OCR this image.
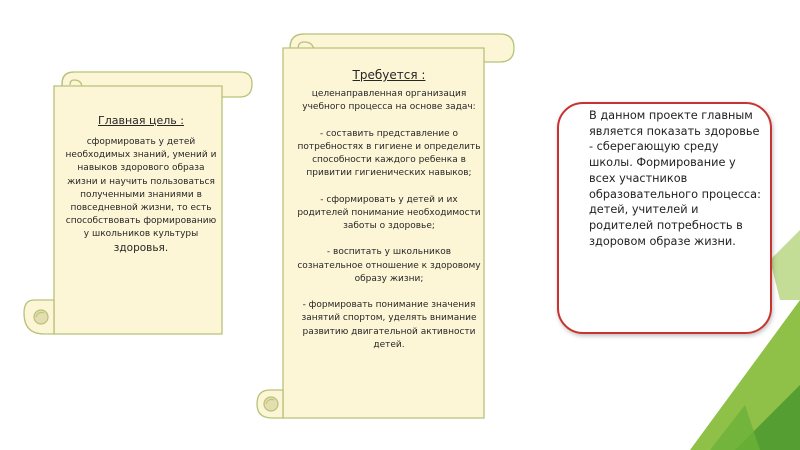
Главная цель :
сформировать у детей необходимых знаний, умений и навыков здорового образа жизни и научить пользоваться полученными знаниями в повседневной жизни, то есть способствовать формированию у школьников культуры здоровья.
Требуется :
целенаправленная организация учебного процесса на основе задач:

- составить представление о потребностях в гигиене и определить способности каждого ребенка в привитии гигиенических навыков;

- сформировать у детей и их родителей понимание необходимости заботы о здоровье;

- воспитать у школьников сознательное отношение к здоровому образу жизни;

- формировать понимание значения занятий спортом, уделять внимание развитию двигательной активности детей.
В данном проекте главным является показать здоровье - сберегающую среду школы. Формирование у всех участников образовательного процесса: детей, учителей и родителей потребность в здоровом образе жизни.
